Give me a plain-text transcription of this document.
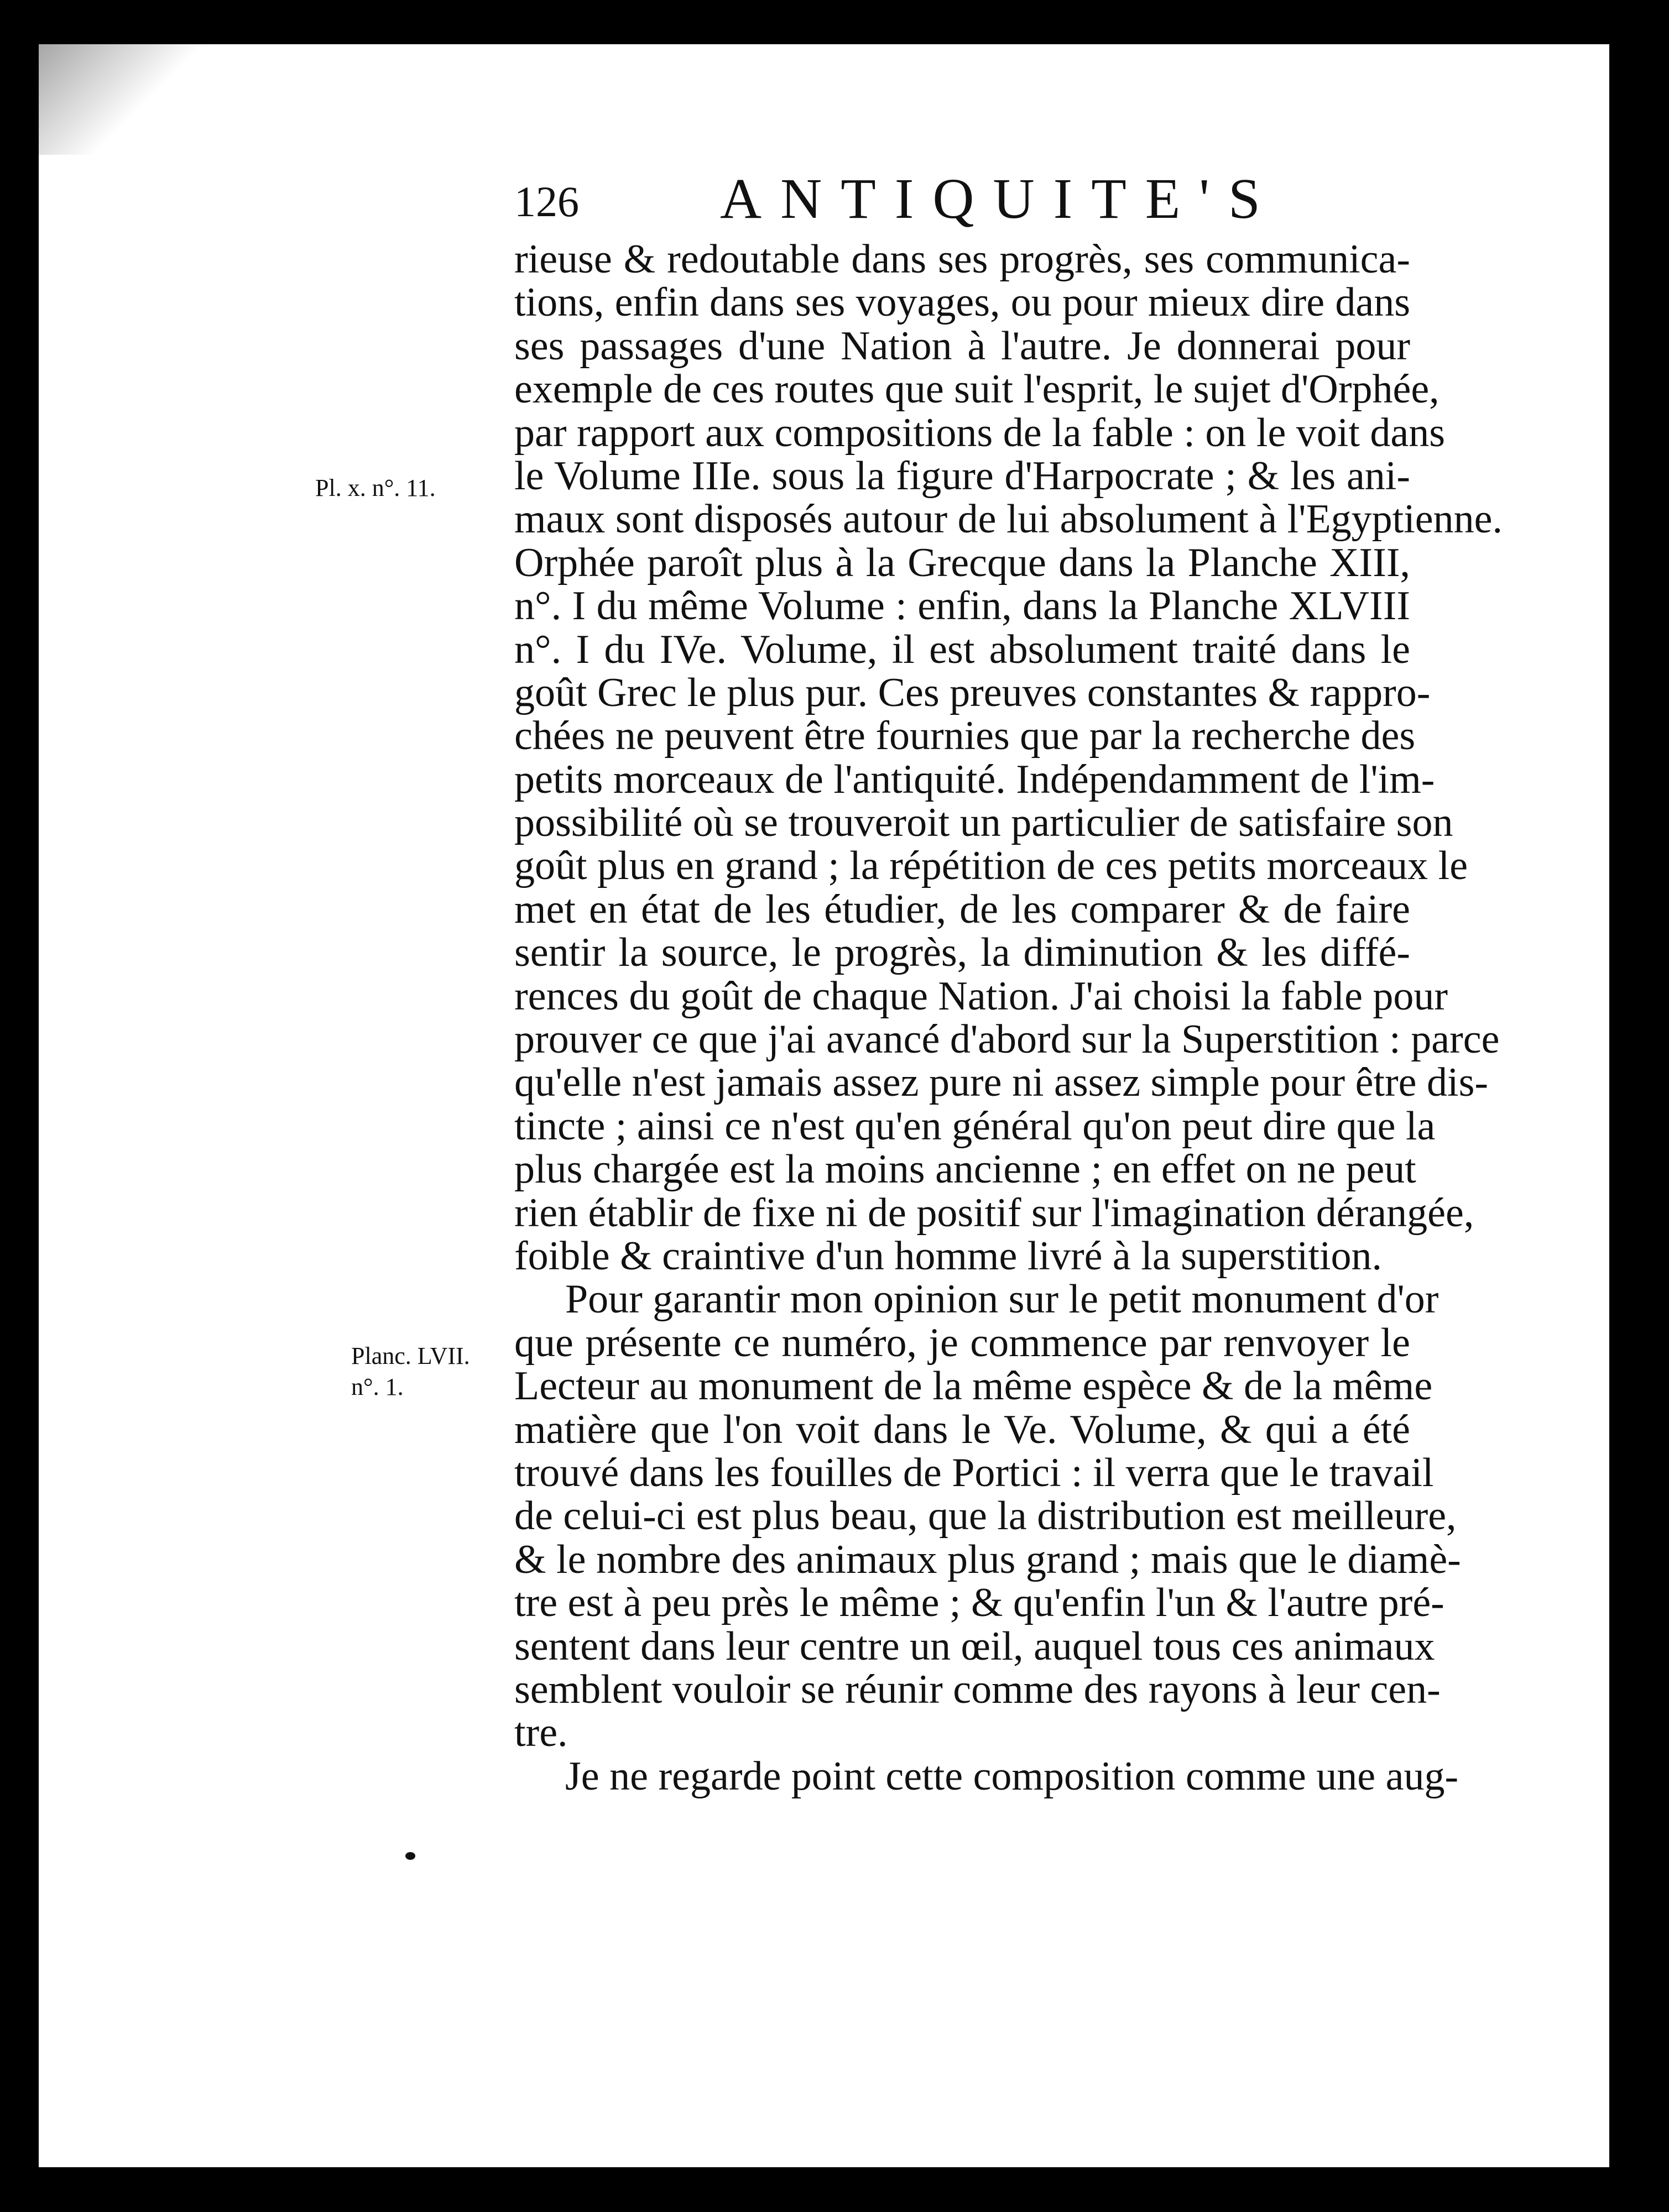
126 ANTIQUITE'S
Pl. x. n°. 11.
Planc. LVII.
n°. 1.
rieuse & redoutable dans ses progrès, ses communica-
tions, enfin dans ses voyages, ou pour mieux dire dans
ses passages d'une Nation à l'autre. Je donnerai pour
exemple de ces routes que suit l'esprit, le sujet d'Orphée,
par rapport aux compositions de la fable : on le voit dans
le Volume IIIe. sous la figure d'Harpocrate ; & les ani-
maux sont disposés autour de lui absolument à l'Egyptienne.
Orphée paroît plus à la Grecque dans la Planche XIII,
n°. I du même Volume : enfin, dans la Planche XLVIII
n°. I du IVe. Volume, il est absolument traité dans le
goût Grec le plus pur. Ces preuves constantes & rappro-
chées ne peuvent être fournies que par la recherche des
petits morceaux de l'antiquité. Indépendamment de l'im-
possibilité où se trouveroit un particulier de satisfaire son
goût plus en grand ; la répétition de ces petits morceaux le
met en état de les étudier, de les comparer & de faire
sentir la source, le progrès, la diminution & les diffé-
rences du goût de chaque Nation. J'ai choisi la fable pour
prouver ce que j'ai avancé d'abord sur la Superstition : parce
qu'elle n'est jamais assez pure ni assez simple pour être dis-
tincte ; ainsi ce n'est qu'en général qu'on peut dire que la
plus chargée est la moins ancienne ; en effet on ne peut
rien établir de fixe ni de positif sur l'imagination dérangée,
foible & craintive d'un homme livré à la superstition.
Pour garantir mon opinion sur le petit monument d'or
que présente ce numéro, je commence par renvoyer le
Lecteur au monument de la même espèce & de la même
matière que l'on voit dans le Ve. Volume, & qui a été
trouvé dans les fouilles de Portici : il verra que le travail
de celui-ci est plus beau, que la distribution est meilleure,
& le nombre des animaux plus grand ; mais que le diamè-
tre est à peu près le même ; & qu'enfin l'un & l'autre pré-
sentent dans leur centre un œil, auquel tous ces animaux
semblent vouloir se réunir comme des rayons à leur cen-
tre.
Je ne regarde point cette composition comme une aug-
